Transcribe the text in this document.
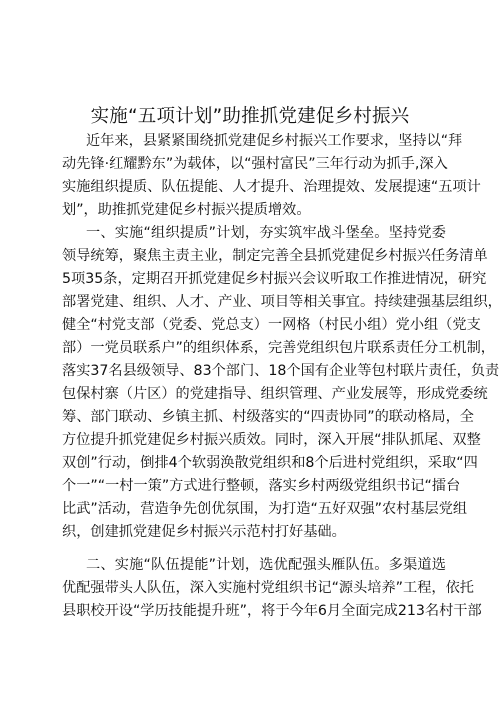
实施“五项计划”助推抓党建促乡村振兴
近年来，县紧紧围绕抓党建促乡村振兴工作要求，坚持以“拜
动先锋·红耀黔东”为载体，以“强村富民”三年行动为抓手,深入
实施组织提质、队伍提能、人才提升、治理提效、发展提速“五项计
划”，助推抓党建促乡村振兴提质增效。
一、实施“组织提质”计划，夯实筑牢战斗堡垒。坚持党委
领导统筹，聚焦主责主业，制定完善全县抓党建促乡村振兴任务清单
5项35条，定期召开抓党建促乡村振兴会议听取工作推进情况，研究
部署党建、组织、人才、产业、项目等相关事宜。持续建强基层组织，
健全“村党支部（党委、党总支）一网格（村民小组）党小组（党支
部）一党员联系户”的组织体系，完善党组织包片联系责任分工机制，
落实37名县级领导、83个部门、18个国有企业等包村联片责任，负责
包保村寨（片区）的党建指导、组织管理、产业发展等，形成党委统
筹、部门联动、乡镇主抓、村级落实的“四责协同”的联动格局，全
方位提升抓党建促乡村振兴质效。同时，深入开展“排队抓尾、双整
双创”行动，倒排4个软弱涣散党组织和8个后进村党组织，采取“四
个一”“一村一策”方式进行整顿，落实乡村两级党组织书记“擂台
比武”活动，营造争先创优氛围，为打造“五好双强”农村基层党组
织，创建抓党建促乡村振兴示范村打好基础。
二、实施“队伍提能”计划，选优配强头雁队伍。多渠道选
优配强带头人队伍，深入实施村党组织书记“源头培养”工程，依托
县职校开设“学历技能提升班”，将于今年6月全面完成213名村干部
